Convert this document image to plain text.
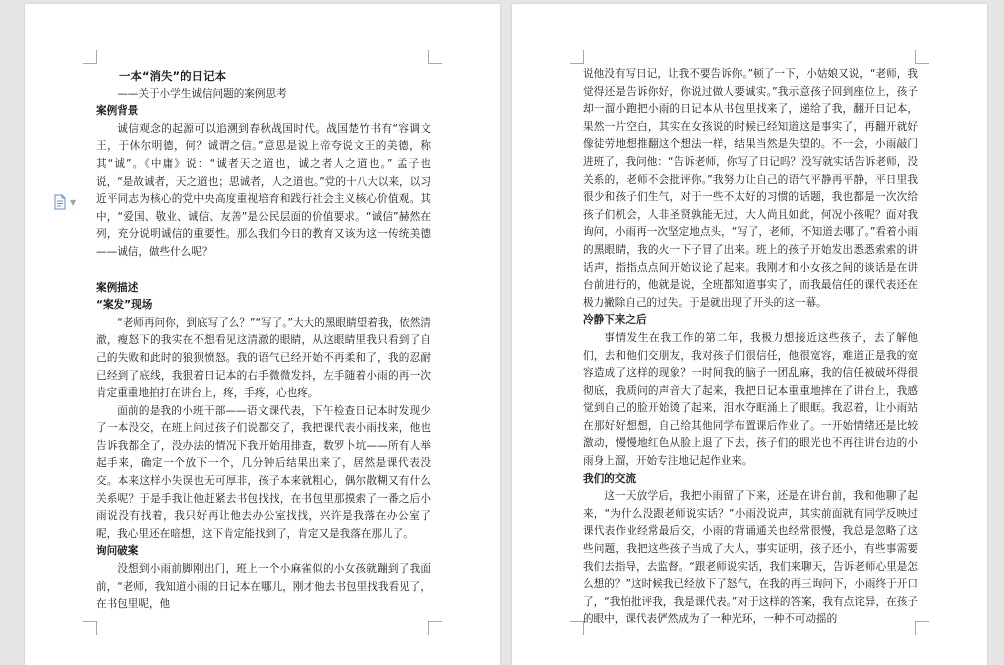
一本“消失”的日记本

——关于小学生诚信问题的案例思考

案例背景

诚信观念的起源可以追溯到春秋战国时代。战国楚竹书有“容调文王，于休尔明德，何？诚谓之信。”意思是说上帝夸说文王的美德，称其“诚”。《中庸》说：“诚者天之道也，诚之者人之道也。” 孟子也说，“是故诚者，天之道也；思诚者，人之道也。”党的十八大以来，以习近平同志为核心的党中央高度重视培育和践行社会主义核心价值观。其中，“爱国、敬业、诚信、友善”是公民层面的价值要求。“诚信”赫然在列，充分说明诚信的重要性。那么我们今日的教育又该为这一传统美德——诚信，做些什么呢？

案例描述

“案发”现场

“老师再问你，到底写了么？”“写了。”大大的黑眼睛望着我，依然清澈，瘦怒下的我实在不想看见这清澈的眼睛，从这眼睛里我只看到了自己的失败和此时的狼狈愤怒。我的语气已经开始不再柔和了，我的忍耐已经到了底线，我狠着日记本的右手微微发抖，左手随着小雨的再一次肯定重重地拍打在讲台上，疼，手疼，心也疼。

面前的是我的小班干部——语文课代表，下午检查日记本时发现少了一本没交，在班上问过孩子们说都交了，我把课代表小雨找来，他也告诉我都全了，没办法的情况下我开始用排查，数罗卜坑——所有人举起手来，确定一个放下一个，几分钟后结果出来了，居然是课代表没交。本来这样小失误也无可厚非，孩子本来就粗心，偶尔散糊又有什么关系呢？于是手我让他赶紧去书包找找，在书包里那摸索了一番之后小雨说没有找着，我只好再让他去办公室找找，兴许是我落在办公室了呢，我心里还在暗想，这下肯定能找到了，肯定又是我落在那儿了。

询问破案

没想到小雨前脚刚出门，班上一个小麻雀似的小女孩就蹦到了我面前，“老师，我知道小雨的日记本在哪儿，刚才他去书包里找我看见了，在书包里呢，他

▼

说他没有写日记，让我不要告诉你。”顿了一下，小姑娘又说，“老师，我觉得还是告诉你好，你说过做人要诚实。”我示意孩子回到座位上，孩子却一溜小跑把小雨的日记本从书包里找来了，递给了我，翻开日记本，果然一片空白，其实在女孩说的时候已经知道这是事实了，再翻开就好像徒劳地想推翻这个想法一样，结果当然是失望的。不一会，小雨敲门进班了，我问他：“告诉老师，你写了日记吗？没写就实话告诉老师，没关系的，老师不会批评你。”我努力让自己的语气平静再平静，平日里我很少和孩子们生气，对于一些不太好的习惯的话题，我也都是一次次给孩子们机会，人非圣贤孰能无过，大人尚且如此，何况小孩呢？面对我询问，小雨再一次坚定地点头，“写了，老师，不知道去哪了。”看着小雨的黑眼睛，我的火一下子冒了出来。班上的孩子开始发出悉悉索索的讲话声，指指点点间开始议论了起来。我刚才和小女孩之间的谈话是在讲台前进行的，他就是说，全班都知道事实了，而我最信任的课代表还在极力撇除自己的过失。于是就出现了开头的这一幕。

冷静下来之后

事情发生在我工作的第二年，我极力想接近这些孩子，去了解他们，去和他们交朋友，我对孩子们很信任，他很宽容，难道正是我的宽容造成了这样的现象？一时间我的脑子一团乱麻，我的信任被破坏得很彻底，我质问的声音大了起来，我把日记本重重地摔在了讲台上，我感觉到自己的脸开始烫了起来，泪水夺眶涌上了眼眶。我忍着，让小雨站在那好好想想，自己给其他同学布置课后作业了。一开始情绪还是比较激动，慢慢地红色从脸上退了下去，孩子们的眼光也不再往讲台边的小雨身上溜，开始专注地记起作业来。

我们的交流

这一天放学后，我把小雨留了下来，还是在讲台前，我和他聊了起来，“为什么没跟老师说实话？”小雨没说声，其实前面就有同学反映过课代表作业经常最后交，小雨的背诵通关也经常很慢，我总是忽略了这些问题，我把这些孩子当成了大人，事实证明，孩子还小，有些事需要我们去指导，去监督。“跟老师说实话，我们来聊天，告诉老师心里是怎么想的？”这时候我已经放下了怒气，在我的再三询问下，小雨终于开口了，“我怕批评我，我是课代表。”对于这样的答案，我有点诧异，在孩子的眼中，课代表俨然成为了一种光环，一种不可动摇的
